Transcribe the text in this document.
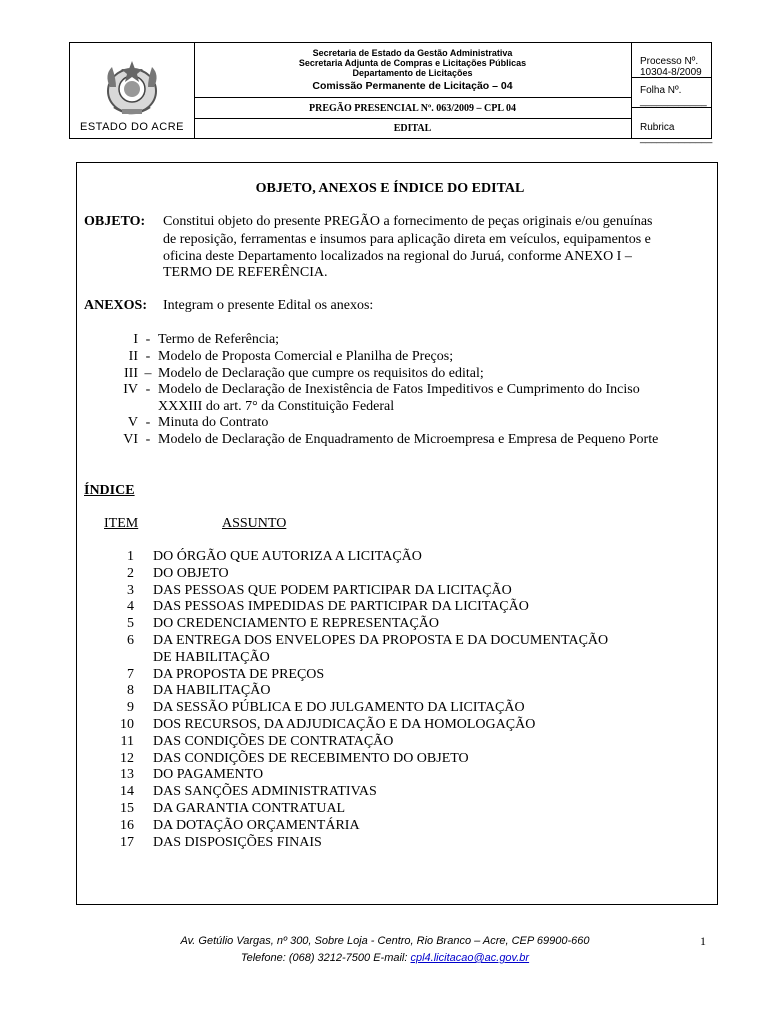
ESTADO DO ACRE
Secretaria de Estado da Gestão Administrativa
Secretaria Adjunta de Compras e Licitações Públicas
Departamento de Licitações
Comissão Permanente de Licitação – 04
PREGÃO PRESENCIAL Nº. 063/2009 – CPL 04
EDITAL
Processo Nº. 10304-8/2009
Folha Nº. ____________
Rubrica _____________
OBJETO, ANEXOS E ÍNDICE DO EDITAL
OBJETO: Constitui objeto do presente PREGÃO a fornecimento de peças originais e/ou genuínas
de reposição, ferramentas e insumos para aplicação direta em veículos, equipamentos e
oficina deste Departamento localizados na regional do Juruá, conforme ANEXO I –
TERMO DE REFERÊNCIA.
ANEXOS: Integram o presente Edital os anexos:
I - Termo de Referência;
II - Modelo de Proposta Comercial e Planilha de Preços;
III – Modelo de Declaração que cumpre os requisitos do edital;
IV - Modelo de Declaração de Inexistência de Fatos Impeditivos e Cumprimento do Inciso
XXXIII do art. 7° da Constituição Federal
V - Minuta do Contrato
VI - Modelo de Declaração de Enquadramento de Microempresa e Empresa de Pequeno Porte
ÍNDICE
ITEM	ASSUNTO
1 DO ÓRGÃO QUE AUTORIZA A LICITAÇÃO
2 DO OBJETO
3 DAS PESSOAS QUE PODEM PARTICIPAR DA LICITAÇÃO
4 DAS PESSOAS IMPEDIDAS DE PARTICIPAR DA LICITAÇÃO
5 DO CREDENCIAMENTO E REPRESENTAÇÃO
6 DA ENTREGA DOS ENVELOPES DA PROPOSTA E DA DOCUMENTAÇÃO
DE HABILITAÇÃO
7 DA PROPOSTA DE PREÇOS
8 DA HABILITAÇÃO
9 DA SESSÃO PÚBLICA E DO JULGAMENTO DA LICITAÇÃO
10 DOS RECURSOS, DA ADJUDICAÇÃO E DA HOMOLOGAÇÃO
11 DAS CONDIÇÕES DE CONTRATAÇÃO
12 DAS CONDIÇÕES DE RECEBIMENTO DO OBJETO
13 DO PAGAMENTO
14 DAS SANÇÕES ADMINISTRATIVAS
15 DA GARANTIA CONTRATUAL
16 DA DOTAÇÃO ORÇAMENTÁRIA
17 DAS DISPOSIÇÕES FINAIS
Av. Getúlio Vargas, nº 300, Sobre Loja - Centro, Rio Branco – Acre, CEP 69900-660
Telefone: (068) 3212-7500 E-mail: cpl4.licitacao@ac.gov.br
1
